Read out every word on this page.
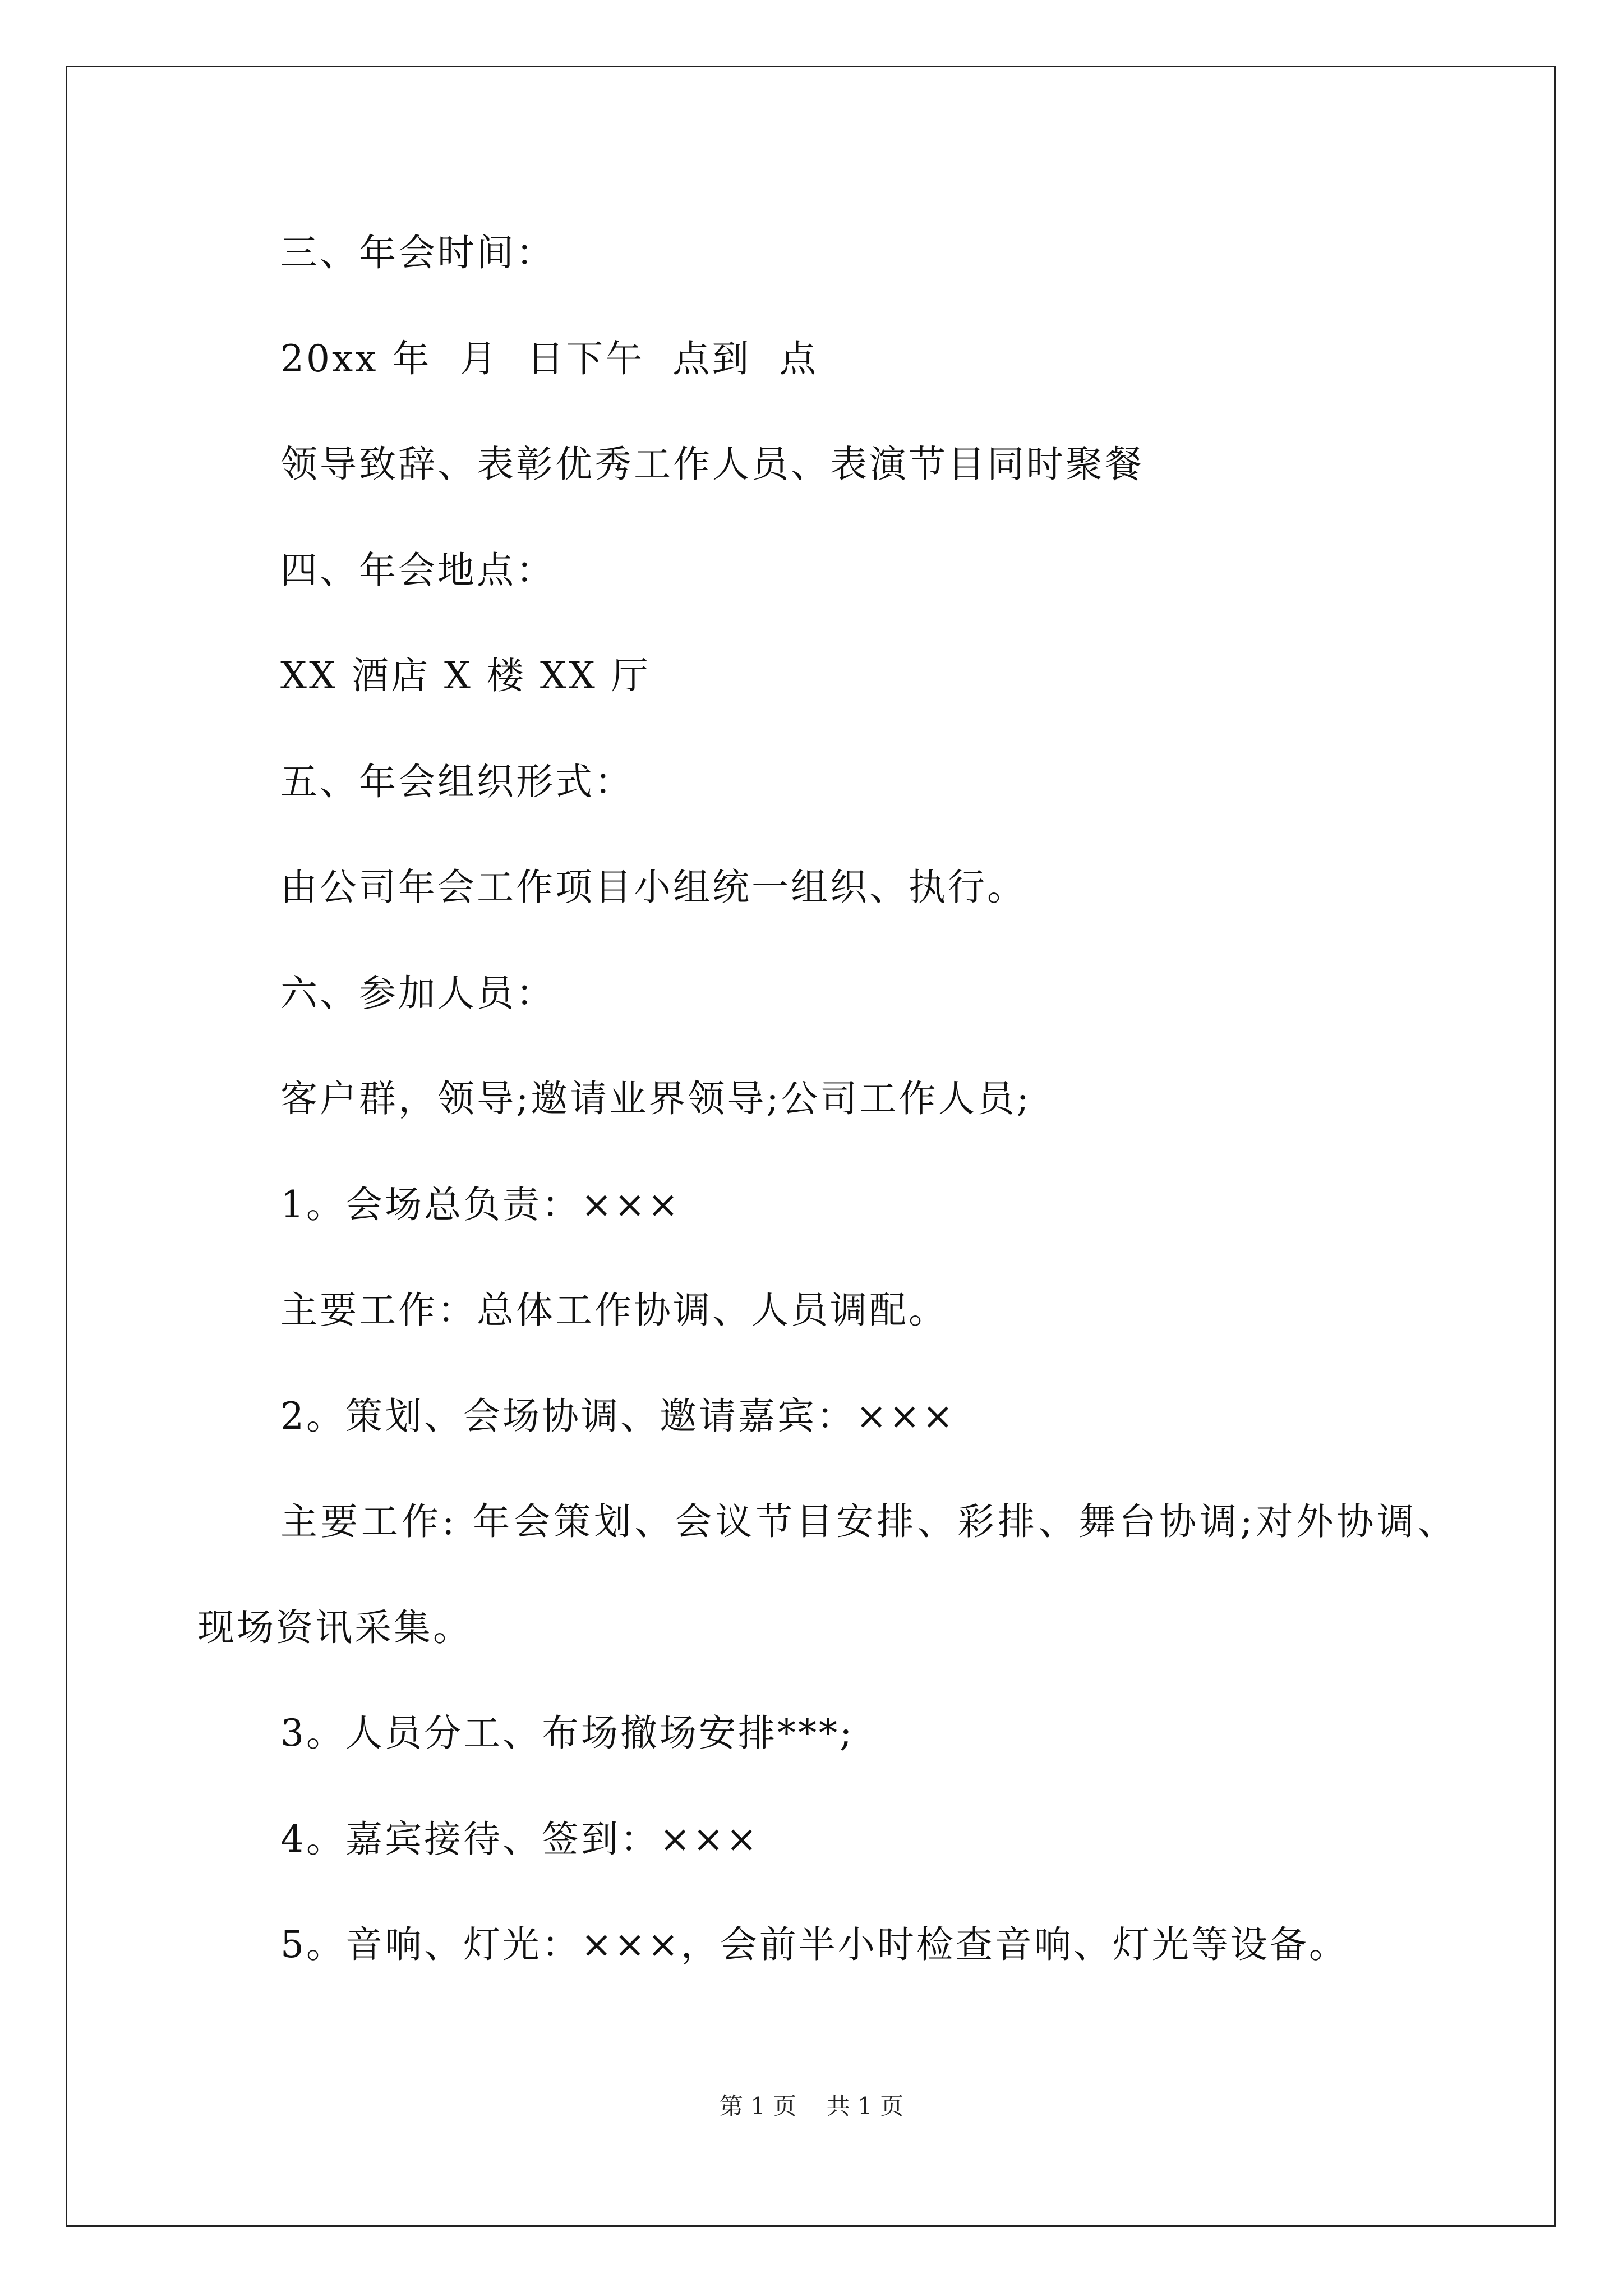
三、年会时间：
20xx 年  月  日下午  点到  点
领导致辞、表彰优秀工作人员、表演节目同时聚餐
四、年会地点：
XX 酒店 X 楼 XX 厅
五、年会组织形式：
由公司年会工作项目小组统一组织、执行。
六、参加人员：
客户群，领导;邀请业界领导;公司工作人员;
1。会场总负责：×××
主要工作：总体工作协调、人员调配。
2。策划、会场协调、邀请嘉宾：×××
主要工作: 年会策划、会议节目安排、彩排、舞台协调;对外协调、
现场资讯采集。
3。人员分工、布场撤场安排***;
4。嘉宾接待、签到：×××
5。音响、灯光：×××，会前半小时检查音响、灯光等设备。
第 1 页    共 1 页
